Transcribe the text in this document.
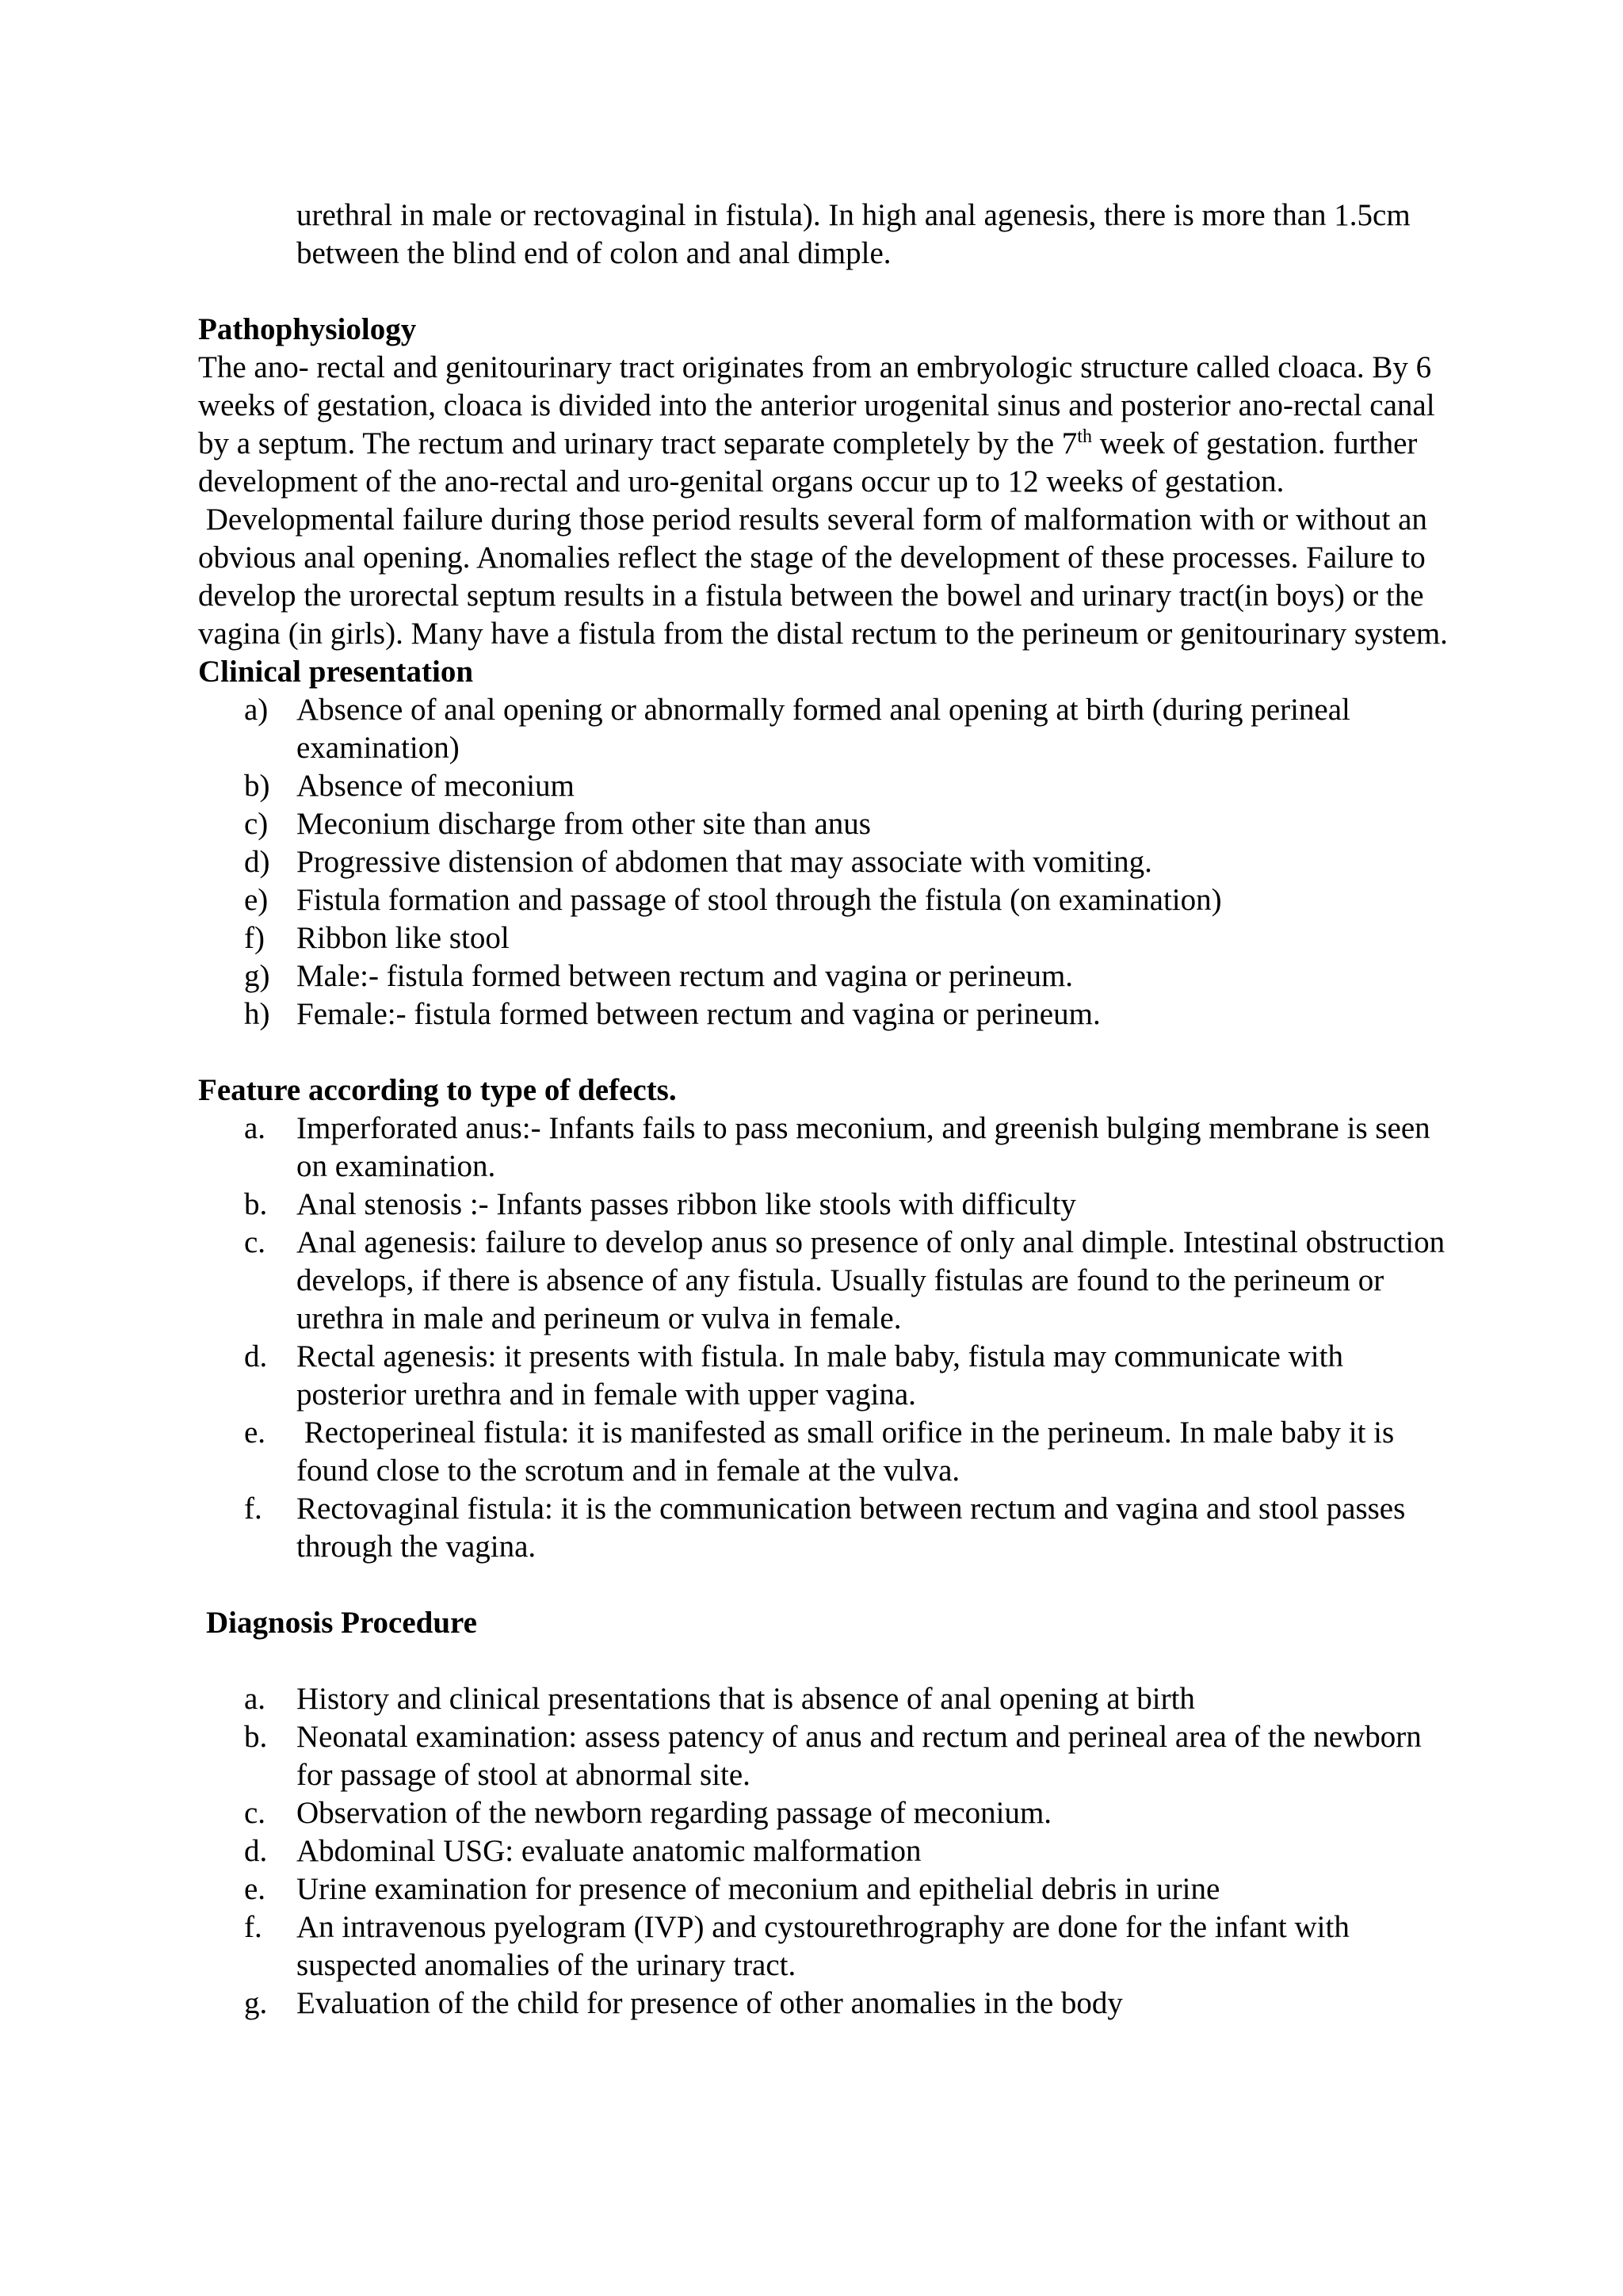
urethral in male or rectovaginal in fistula). In high anal agenesis, there is more than 1.5cm between the blind end of colon and anal dimple.

Pathophysiology

The ano- rectal and genitourinary tract originates from an embryologic structure called cloaca. By 6 weeks of gestation, cloaca is divided into the anterior urogenital sinus and posterior ano-rectal canal by a septum. The rectum and urinary tract separate completely by the 7th week of gestation. further development of the ano-rectal and uro-genital organs occur up to 12 weeks of gestation.

Developmental failure during those period results several form of malformation with or without an obvious anal opening. Anomalies reflect the stage of the development of these processes. Failure to develop the urorectal septum results in a fistula between the bowel and urinary tract(in boys) or the vagina (in girls). Many have a fistula from the distal rectum to the perineum or genitourinary system.

Clinical presentation

a) Absence of anal opening or abnormally formed anal opening at birth (during perineal examination)
b) Absence of meconium
c) Meconium discharge from other site than anus
d) Progressive distension of abdomen that may associate with vomiting.
e) Fistula formation and passage of stool through the fistula (on examination)
f)	Ribbon like stool
g) Male:- fistula formed between rectum and vagina or perineum.
h) Female:- fistula formed between rectum and vagina or perineum.

Feature according to type of defects.

a. Imperforated anus:- Infants fails to pass meconium, and greenish bulging membrane is seen on examination.
b. Anal stenosis :- Infants passes ribbon like stools with difficulty
c. Anal agenesis: failure to develop anus so presence of only anal dimple. Intestinal obstruction develops, if there is absence of any fistula. Usually fistulas are found to the perineum or urethra in male and perineum or vulva in female.
d. Rectal agenesis: it presents with fistula. In male baby, fistula may communicate with posterior urethra and in female with upper vagina.
e. Rectoperineal fistula: it is manifested as small orifice in the perineum. In male baby it is found close to the scrotum and in female at the vulva.
f.	Rectovaginal fistula: it is the communication between rectum and vagina and stool passes through the vagina.

Diagnosis Procedure

a. History and clinical presentations that is absence of anal opening at birth
b. Neonatal examination: assess patency of anus and rectum and perineal area of the newborn for passage of stool at abnormal site.
c. Observation of the newborn regarding passage of meconium.
d. Abdominal USG: evaluate anatomic malformation
e. Urine examination for presence of meconium and epithelial debris in urine
f.	An intravenous pyelogram (IVP) and cystourethrography are done for the infant with suspected anomalies of the urinary tract.
g. Evaluation of the child for presence of other anomalies in the body
